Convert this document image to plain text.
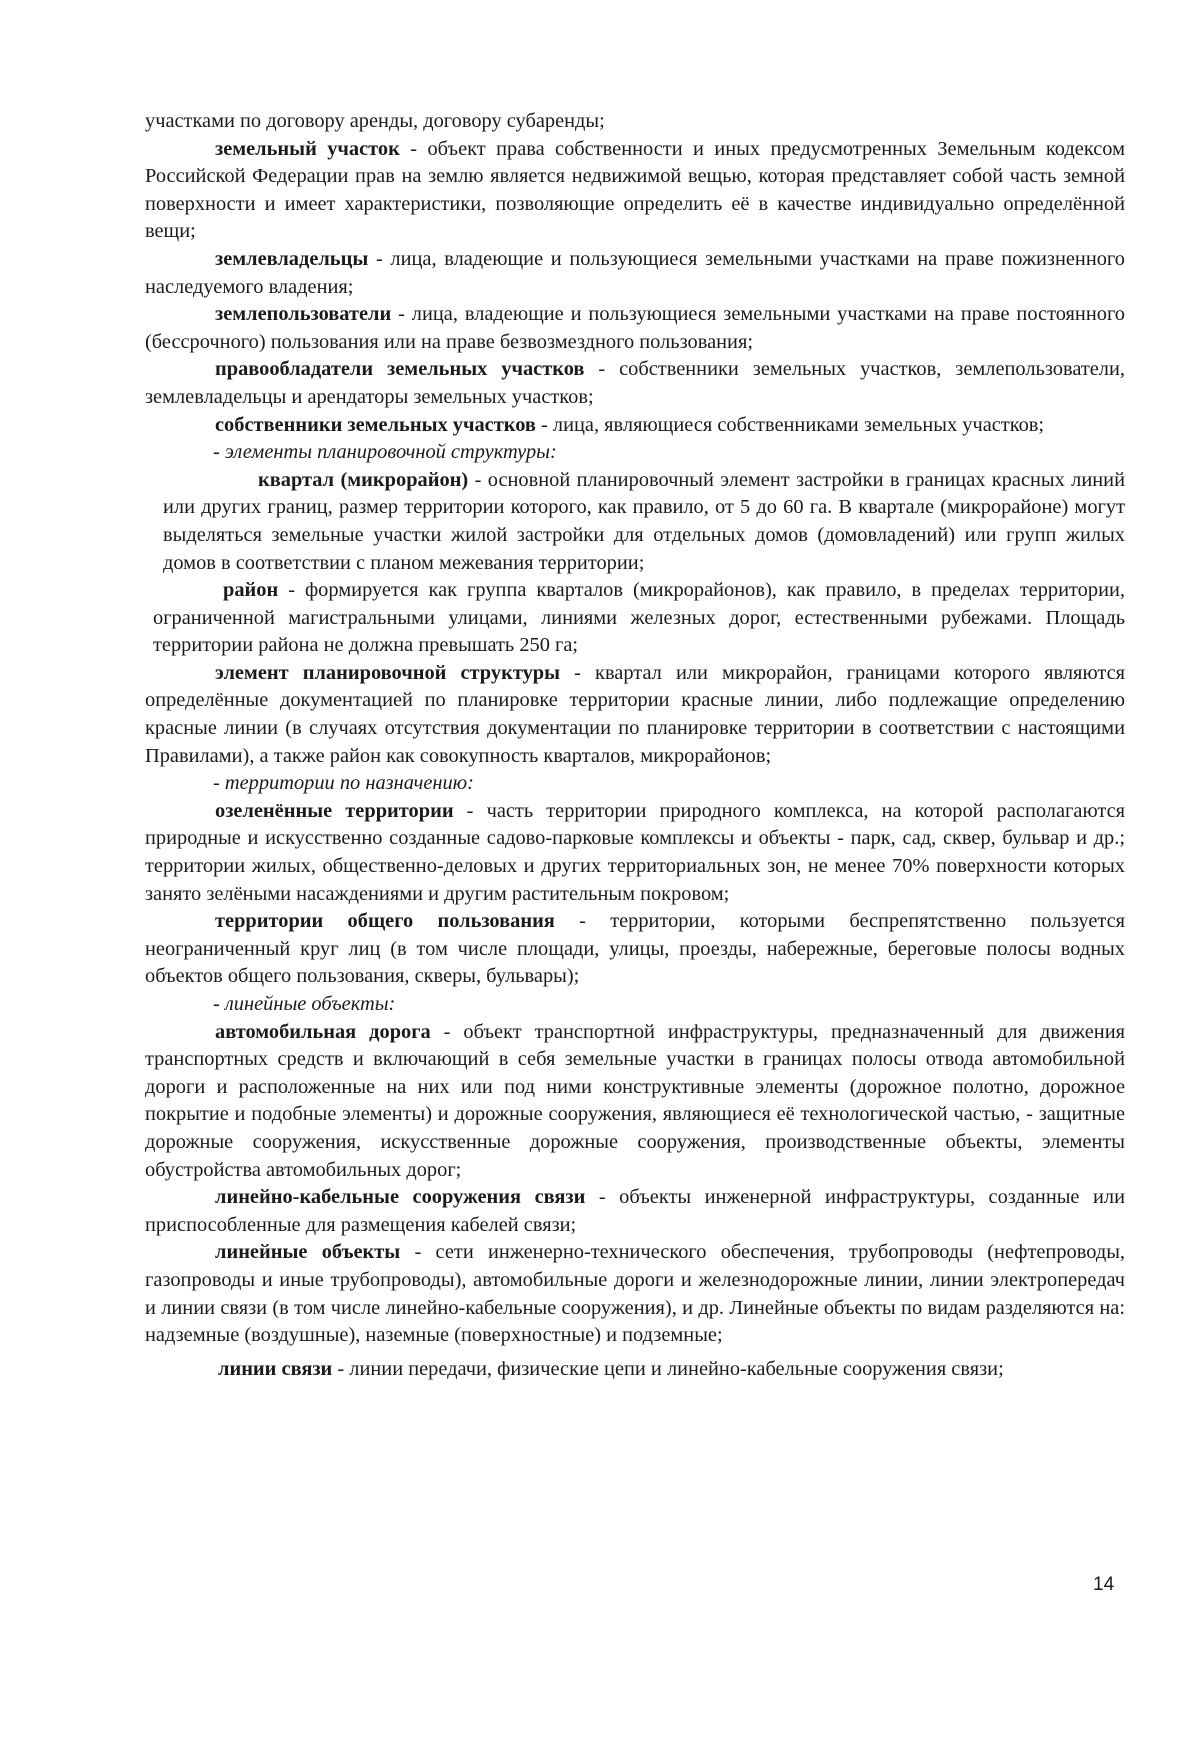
участками по договору аренды, договору субаренды;

земельный участок - объект права собственности и иных предусмотренных Земельным кодексом Российской Федерации прав на землю является недвижимой вещью, которая представляет собой часть земной поверхности и имеет характеристики, позволяющие определить её в качестве индивидуально определённой вещи;

землевладельцы - лица, владеющие и пользующиеся земельными участками на праве пожизненного наследуемого владения;

землепользователи - лица, владеющие и пользующиеся земельными участками на праве постоянного (бессрочного) пользования или на праве безвозмездного пользования;

правообладатели земельных участков - собственники земельных участков, землепользователи, землевладельцы и арендаторы земельных участков;

собственники земельных участков - лица, являющиеся собственниками земельных участков;

- элементы планировочной структуры:

квартал (микрорайон) - основной планировочный элемент застройки в границах красных линий или других границ, размер территории которого, как правило, от 5 до 60 га. В квартале (микрорайоне) могут выделяться земельные участки жилой застройки для отдельных домов (домовладений) или групп жилых домов в соответствии с планом межевания территории;

район - формируется как группа кварталов (микрорайонов), как правило, в пределах территории, ограниченной магистральными улицами, линиями железных дорог, естественными рубежами. Площадь территории района не должна превышать 250 га;

элемент планировочной структуры - квартал или микрорайон, границами которого являются определённые документацией по планировке территории красные линии, либо подлежащие определению красные линии (в случаях отсутствия документации по планировке территории в соответствии с настоящими Правилами), а также район как совокупность кварталов, микрорайонов;

- территории по назначению:

озеленённые территории - часть территории природного комплекса, на которой располагаются природные и искусственно созданные садово-парковые комплексы и объекты - парк, сад, сквер, бульвар и др.; территории жилых, общественно-деловых и других территориальных зон, не менее 70% поверхности которых занято зелёными насаждениями и другим растительным покровом;

территории общего пользования - территории, которыми беспрепятственно пользуется неограниченный круг лиц (в том числе площади, улицы, проезды, набережные, береговые полосы водных объектов общего пользования, скверы, бульвары);

- линейные объекты:

автомобильная дорога - объект транспортной инфраструктуры, предназначенный для движения транспортных средств и включающий в себя земельные участки в границах полосы отвода автомобильной дороги и расположенные на них или под ними конструктивные элементы (дорожное полотно, дорожное покрытие и подобные элементы) и дорожные сооружения, являющиеся её технологической частью, - защитные дорожные сооружения, искусственные дорожные сооружения, производственные объекты, элементы обустройства автомобильных дорог;

линейно-кабельные сооружения связи - объекты инженерной инфраструктуры, созданные или приспособленные для размещения кабелей связи;

линейные объекты - сети инженерно-технического обеспечения, трубопроводы (нефтепроводы, газопроводы и иные трубопроводы), автомобильные дороги и железнодорожные линии, линии электропередач и линии связи (в том числе линейно-кабельные сооружения), и др. Линейные объекты по видам разделяются на: надземные (воздушные), наземные (поверхностные) и подземные;

линии связи - линии передачи, физические цепи и линейно-кабельные сооружения связи;

14
